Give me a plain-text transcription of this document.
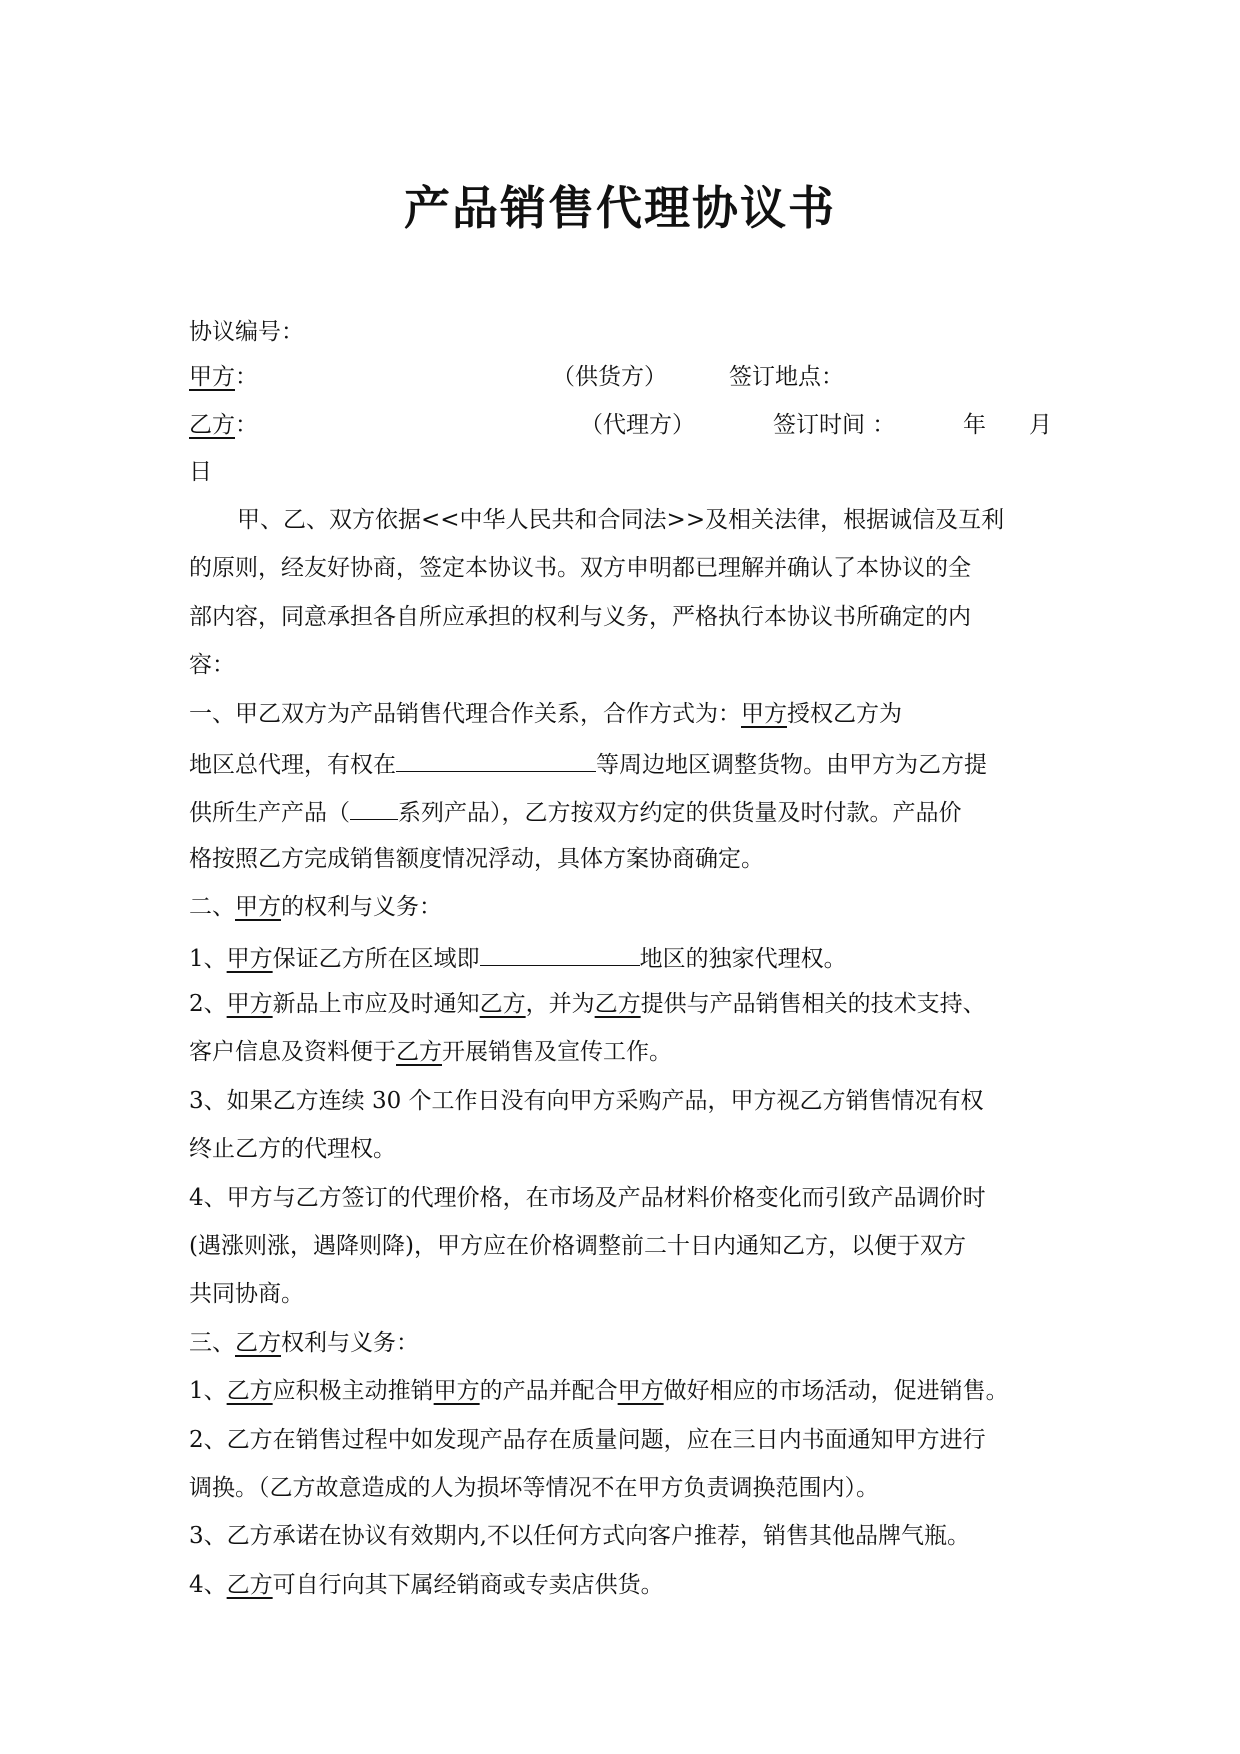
产品销售代理协议书
协议编号：
甲方：	（供货方）	签订地点：
乙方：	（代理方）	签订时间 ：	年 月
日
甲、乙、双方依据<<中华人民共和合同法>>及相关法律，根据诚信及互利
的原则，经友好协商，签定本协议书。双方申明都已理解并确认了本协议的全
部内容，同意承担各自所应承担的权利与义务，严格执行本协议书所确定的内
容：
一、甲乙双方为产品销售代理合作关系，合作方式为：甲方授权乙方为
地区总代理，有权在	等周边地区调整货物。由甲方为乙方提
供所生产产品（ 系列产品），乙方按双方约定的供货量及时付款。产品价
格按照乙方完成销售额度情况浮动，具体方案协商确定。
二、甲方的权利与义务：
1、甲方保证乙方所在区域即	地区的独家代理权。
2、甲方新品上市应及时通知乙方，并为乙方提供与产品销售相关的技术支持、
客户信息及资料便于乙方开展销售及宣传工作。
3、如果乙方连续 30 个工作日没有向甲方采购产品，甲方视乙方销售情况有权
终止乙方的代理权。
4、甲方与乙方签订的代理价格，在市场及产品材料价格变化而引致产品调价时
(遇涨则涨，遇降则降)，甲方应在价格调整前二十日内通知乙方，以便于双方
共同协商。
三、乙方权利与义务：
1、乙方应积极主动推销甲方的产品并配合甲方做好相应的市场活动，促进销售。
2、乙方在销售过程中如发现产品存在质量问题，应在三日内书面通知甲方进行
调换。（乙方故意造成的人为损坏等情况不在甲方负责调换范围内）。
3、乙方承诺在协议有效期内,不以任何方式向客户推荐，销售其他品牌气瓶。
4、乙方可自行向其下属经销商或专卖店供货。
